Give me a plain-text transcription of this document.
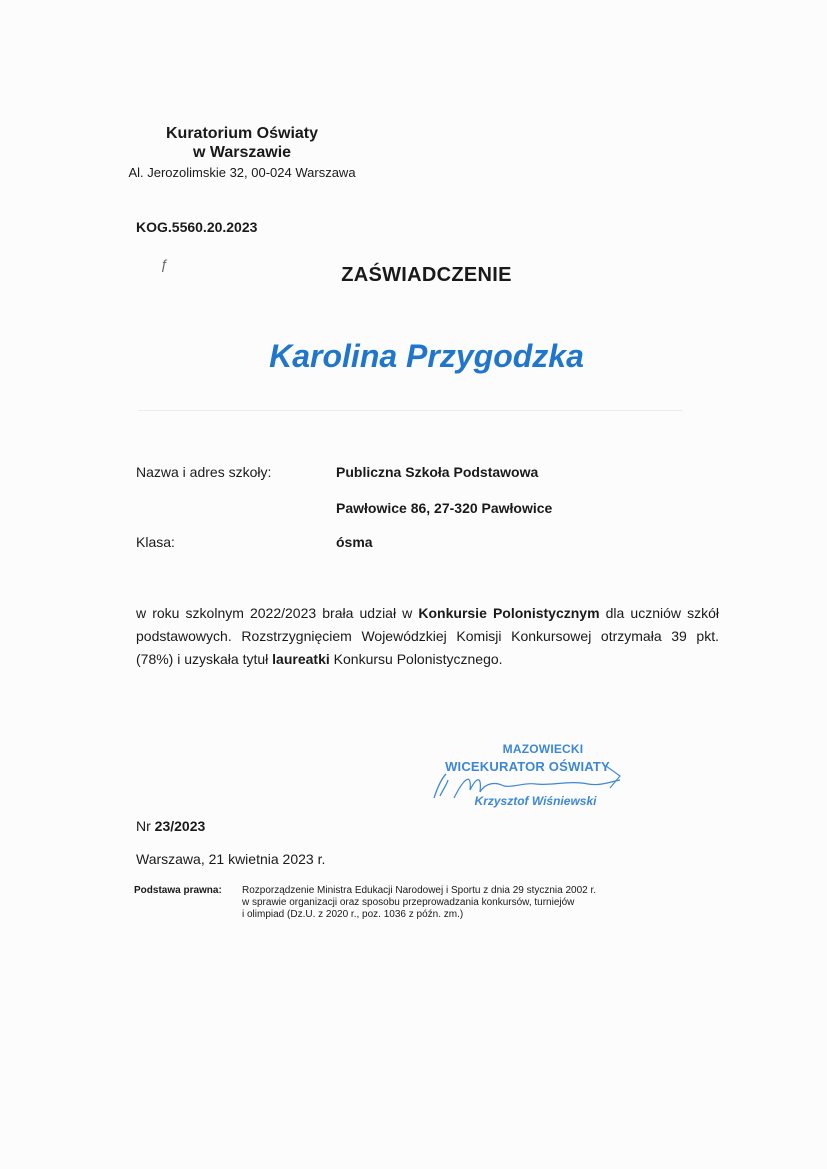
Kuratorium Oświaty
w Warszawie
Al. Jerozolimskie 32, 00-024 Warszawa
KOG.5560.20.2023
ƒ	ZAŚWIADCZENIE
Karolina Przygodzka
Nazwa i adres szkoły:	Publiczna Szkoła Podstawowa
Pawłowice 86, 27-320 Pawłowice
Klasa:	ósma
w roku szkolnym 2022/2023 brała udział w Konkursie Polonistycznym dla uczniów szkół podstawowych. Rozstrzygnięciem Wojewódzkiej Komisji Konkursowej otrzymała 39 pkt. (78%) i uzyskała tytuł laureatki Konkursu Polonistycznego.
MAZOWIECKI
WICEKURATOR OŚWIATY
Krzysztof Wiśniewski
Nr 23/2023
Warszawa, 21 kwietnia 2023 r.
Podstawa prawna: Rozporządzenie Ministra Edukacji Narodowej i Sportu z dnia 29 stycznia 2002 r.
w sprawie organizacji oraz sposobu przeprowadzania konkursów, turniejów
i olimpiad (Dz.U. z 2020 r., poz. 1036 z późn. zm.)
